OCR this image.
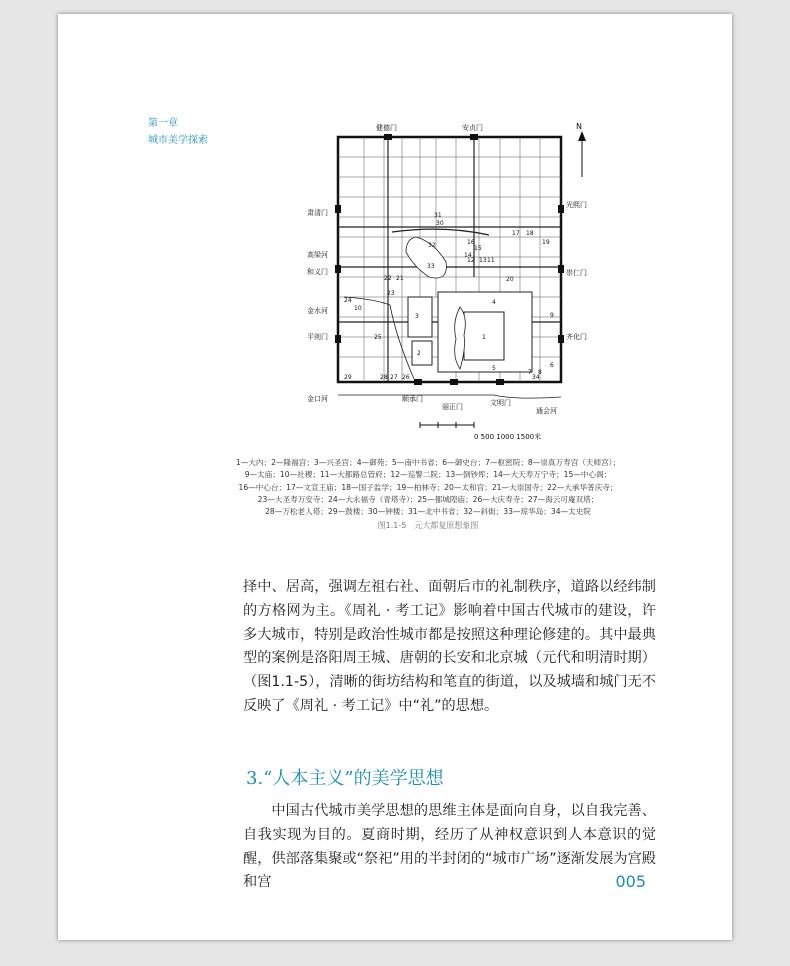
第一章
城市美学探索
N
健德门	安贞门
光熙门
肃清门
和义门	崇仁门
平则门	齐化门
顺承门
丽正门	文明门
高梁河
金水河
金口河
通会河
1
2
3
4
5	6
7 8
9
10
11
12 13
14
15
16
17 18
19
20
21
22
23
24
25
26
27
28
29
30
31
32
33
34
0 500 1000 1500米
1—大内；2—隆福宫；3—兴圣宫；4—御苑；5—南中书省；6—御史台；7—枢密院；8—崇真万寿宫（天师宫）；
9—太庙；10—社稷；11—大都路总管府；12—巡警二院；13—倒钞库；14—大天寿万宁寺；15—中心阁；
16—中心台；17—文宣王庙；18—国子监学；19—柏林寺；20—太和宫；21—大崇国寺；22—大承华普庆寺；
23—大圣寿万安寺；24—大永福寺（青塔寺）；25—都城隍庙；26—大庆寿寺；27—海云可庵双塔；
28—万松老人塔；29—鼓楼；30—钟楼；31—北中书省；32—斜街；33—琼华岛；34—太史院
图1.1-5　元大都复原想象图

择中、居高，强调左祖右社、面朝后市的礼制秩序，道路以经纬制的方格网为主。《周礼 · 考工记》影响着中国古代城市的建设，许多大城市，特别是政治性城市都是按照这种理论修建的。其中最典型的案例是洛阳周王城、唐朝的长安和北京城（元代和明清时期）（图1.1-5），清晰的街坊结构和笔直的街道，以及城墙和城门无不反映了《周礼 · 考工记》中“礼”的思想。

3.“人本主义”的美学思想

中国古代城市美学思想的思维主体是面向自身，以自我完善、自我实现为目的。夏商时期，经历了从神权意识到人本意识的觉醒，供部落集聚或“祭祀”用的半封闭的“城市广场”逐渐发展为宫殿和宫	005
